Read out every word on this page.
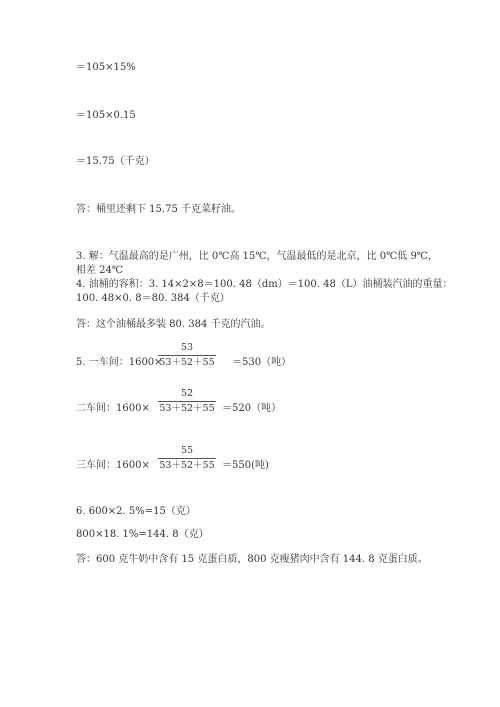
＝105×15%

＝105×0.15

＝15.75（千克）

答：桶里还剩下 15.75 千克菜籽油。

3. 解：气温最高的是广州，比 0℃高 15℃，气温最低的是北京，比 0℃低 9℃，

相差 24℃

4. 油桶的容积：3. 14×2×8＝100. 48（dm）＝100. 48（L）油桶装汽油的重量：

100. 48×0. 8＝80. 384（千克）

答：这个油桶最多装 80. 384 千克的汽油。

5. 一车间：1600×
53
53＋52＋55 ＝530（吨）
二车间：1600×
52
53＋52＋55 ＝520（吨）
三车间：1600×
55
53＋52＋55 ＝550(吨)

6. 600×2. 5%=15（克）

800×18. 1%=144. 8（克）

答：600 克牛奶中含有 15 克蛋白质，800 克瘦猪肉中含有 144. 8 克蛋白质。
